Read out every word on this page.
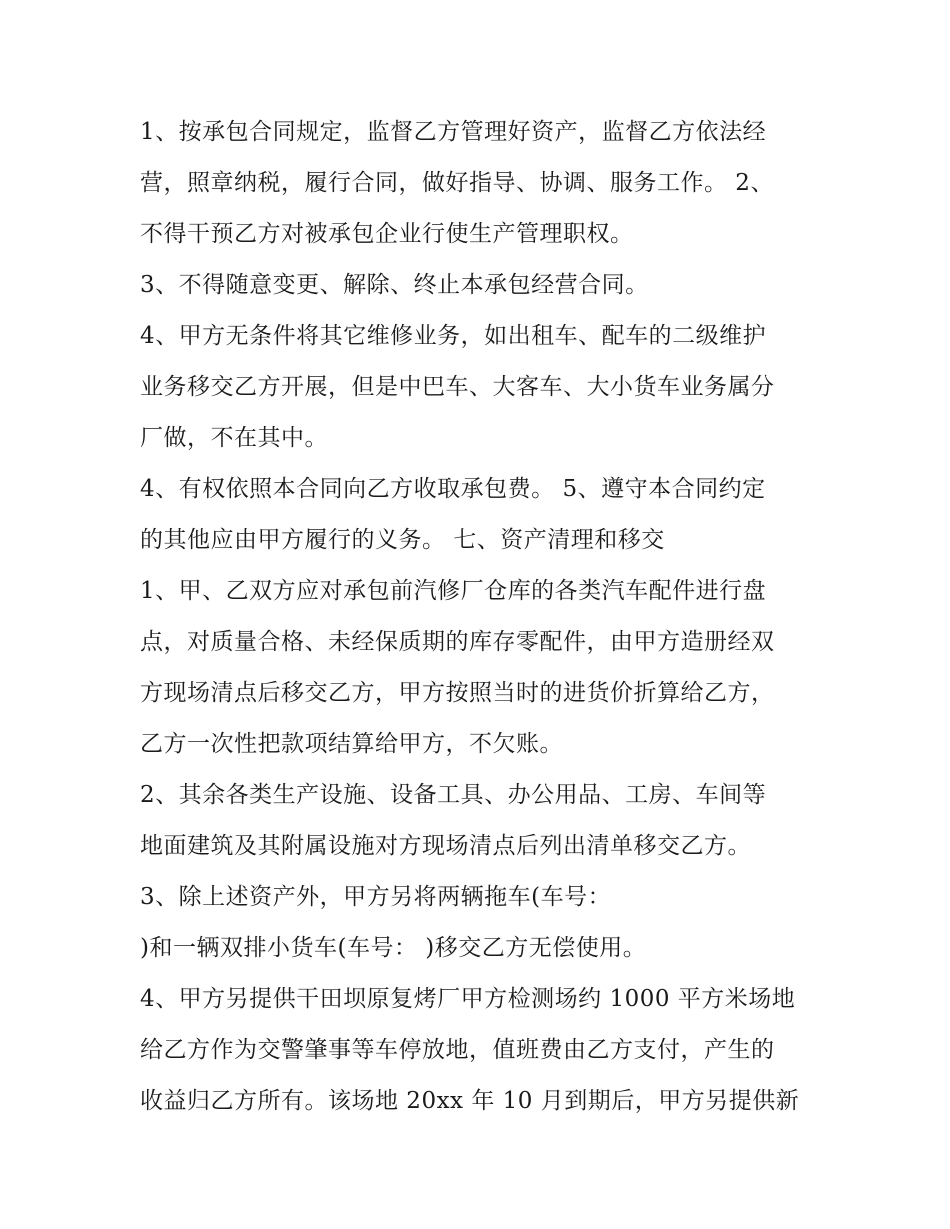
1、按承包合同规定，监督乙方管理好资产，监督乙方依法经
营，照章纳税，履行合同，做好指导、协调、服务工作。 2、
不得干预乙方对被承包企业行使生产管理职权。
3、不得随意变更、解除、终止本承包经营合同。
4、甲方无条件将其它维修业务，如出租车、配车的二级维护
业务移交乙方开展，但是中巴车、大客车、大小货车业务属分
厂做，不在其中。
4、有权依照本合同向乙方收取承包费。 5、遵守本合同约定
的其他应由甲方履行的义务。 七、资产清理和移交
1、甲、乙双方应对承包前汽修厂仓库的各类汽车配件进行盘
点，对质量合格、未经保质期的库存零配件，由甲方造册经双
方现场清点后移交乙方，甲方按照当时的进货价折算给乙方，
乙方一次性把款项结算给甲方，不欠账。
2、其余各类生产设施、设备工具、办公用品、工房、车间等
地面建筑及其附属设施对方现场清点后列出清单移交乙方。
3、除上述资产外，甲方另将两辆拖车(车号：
)和一辆双排小货车(车号： )移交乙方无偿使用。
4、甲方另提供干田坝原复烤厂甲方检测场约 1000 平方米场地
给乙方作为交警肇事等车停放地，值班费由乙方支付，产生的
收益归乙方所有。该场地 20xx 年 10 月到期后，甲方另提供新
